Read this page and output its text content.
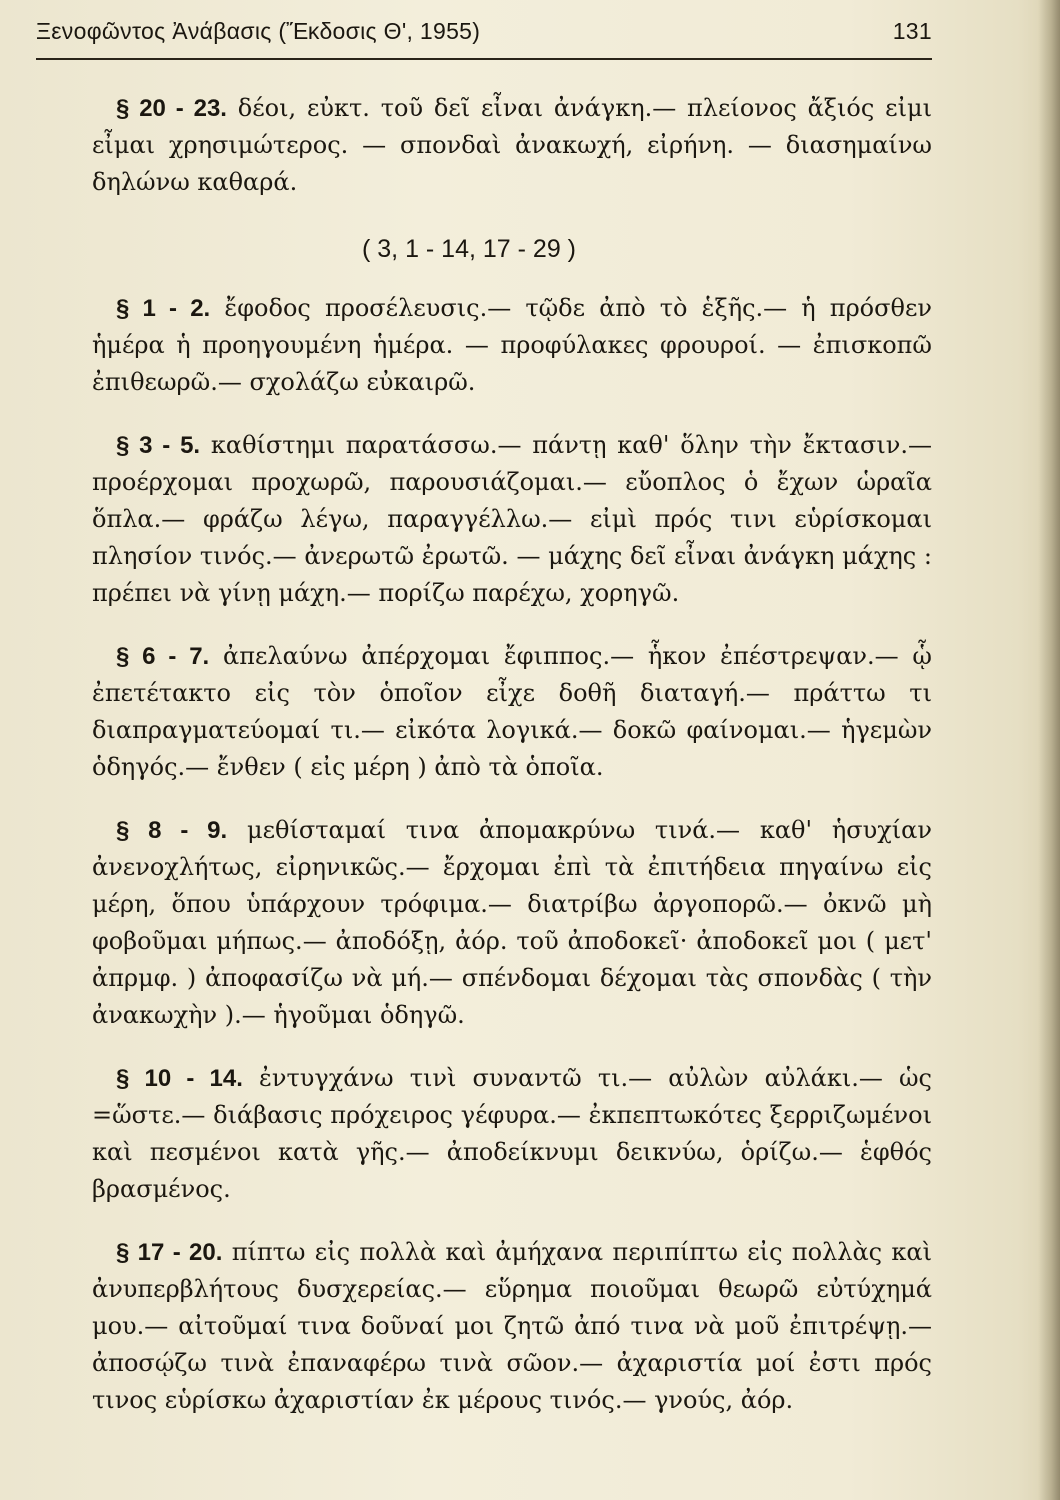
Ξενοφῶντος Ἀνάβασις (Ἔκδοσις Θ', 1955)	131

§ 20 - 23. δέοι, εὐκτ. τοῦ δεῖ εἶναι ἀνάγκη.— πλείονος ἄξιός εἰμι εἶμαι χρησιμώτερος. — σπονδαὶ ἀνακωχή, εἰρήνη. — διασημαίνω δηλώνω καθαρά.

( 3, 1 - 14, 17 - 29 )

§ 1 - 2. ἔφοδος προσέλευσις.— τῷδε ἀπὸ τὸ ἑξῆς.— ἡ πρόσθεν ἡμέρα ἡ προηγουμένη ἡμέρα. — προφύλακες φρουροί. — ἐπισκοπῶ ἐπιθεωρῶ.— σχολάζω εὐκαιρῶ.

§ 3 - 5. καθίστημι παρατάσσω.— πάντῃ καθ' ὅλην τὴν ἔκτασιν.— προέρχομαι προχωρῶ, παρουσιάζομαι.— εὔοπλος ὁ ἔχων ὡραῖα ὅπλα.— φράζω λέγω, παραγγέλλω.— εἰμὶ πρός τινι εὑρίσκομαι πλησίον τινός.— ἀνερωτῶ ἐρωτῶ. — μάχης δεῖ εἶναι ἀνάγκη μάχης : πρέπει νὰ γίνῃ μάχη.— πορίζω παρέχω, χορηγῶ.

§ 6 - 7. ἀπελαύνω ἀπέρχομαι ἔφιππος.— ἧκον ἐπέστρεψαν.— ᾧ ἐπετέτακτο εἰς τὸν ὁποῖον εἶχε δοθῆ διαταγή.— πράττω τι διαπραγματεύομαί τι.— εἰκότα λογικά.— δοκῶ φαίνομαι.— ἡγεμὼν ὁδηγός.— ἔνθεν ( εἰς μέρη ) ἀπὸ τὰ ὁποῖα.

§ 8 - 9. μεθίσταμαί τινα ἀπομακρύνω τινά.— καθ' ἡσυχίαν ἀνενοχλήτως, εἰρηνικῶς.— ἔρχομαι ἐπὶ τὰ ἐπιτήδεια πηγαίνω εἰς μέρη, ὅπου ὑπάρχουν τρόφιμα.— διατρίβω ἀργοπορῶ.— ὀκνῶ μὴ φοβοῦμαι μήπως.— ἀποδόξῃ, ἀόρ. τοῦ ἀποδοκεῖ· ἀποδοκεῖ μοι ( μετ' ἀπρμφ. ) ἀποφασίζω νὰ μή.— σπένδομαι δέχομαι τὰς σπονδὰς ( τὴν ἀνακωχὴν ).— ἡγοῦμαι ὁδηγῶ.

§ 10 - 14. ἐντυγχάνω τινὶ συναντῶ τι.— αὐλὼν αὐλάκι.— ὡς =ὥστε.— διάβασις πρόχειρος γέφυρα.— ἐκπεπτωκότες ξερριζωμένοι καὶ πεσμένοι κατὰ γῆς.— ἀποδείκνυμι δεικνύω, ὁρίζω.— ἑφθός βρασμένος.

§ 17 - 20. πίπτω εἰς πολλὰ καὶ ἀμήχανα περιπίπτω εἰς πολλὰς καὶ ἀνυπερβλήτους δυσχερείας.— εὕρημα ποιοῦμαι θεωρῶ εὐτύχημά μου.— αἰτοῦμαί τινα δοῦναί μοι ζητῶ ἀπό τινα νὰ μοῦ ἐπιτρέψῃ.— ἀποσῴζω τινὰ ἐπαναφέρω τινὰ σῶον.— ἀχαριστία μοί ἐστι πρός τινος εὑρίσκω ἀχαριστίαν ἐκ μέρους τινός.— γνούς, ἀόρ.
